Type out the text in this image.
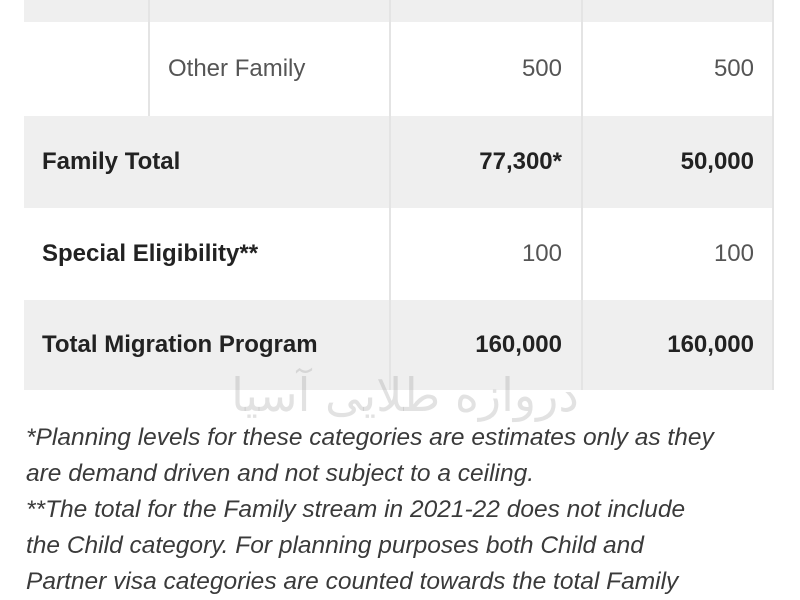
Other Family	500	500
Family Total	77,300*	50,000
Special Eligibility**	100	100
Total Migration Program	160,000	160,000
دروازه طلایی آسیا

*Planning levels for these categories are estimates only as they

are demand driven and not subject to a ceiling.

**The total for the Family stream in 2021-22 does not include

the Child category. For planning purposes both Child and

Partner visa categories are counted towards the total Family
